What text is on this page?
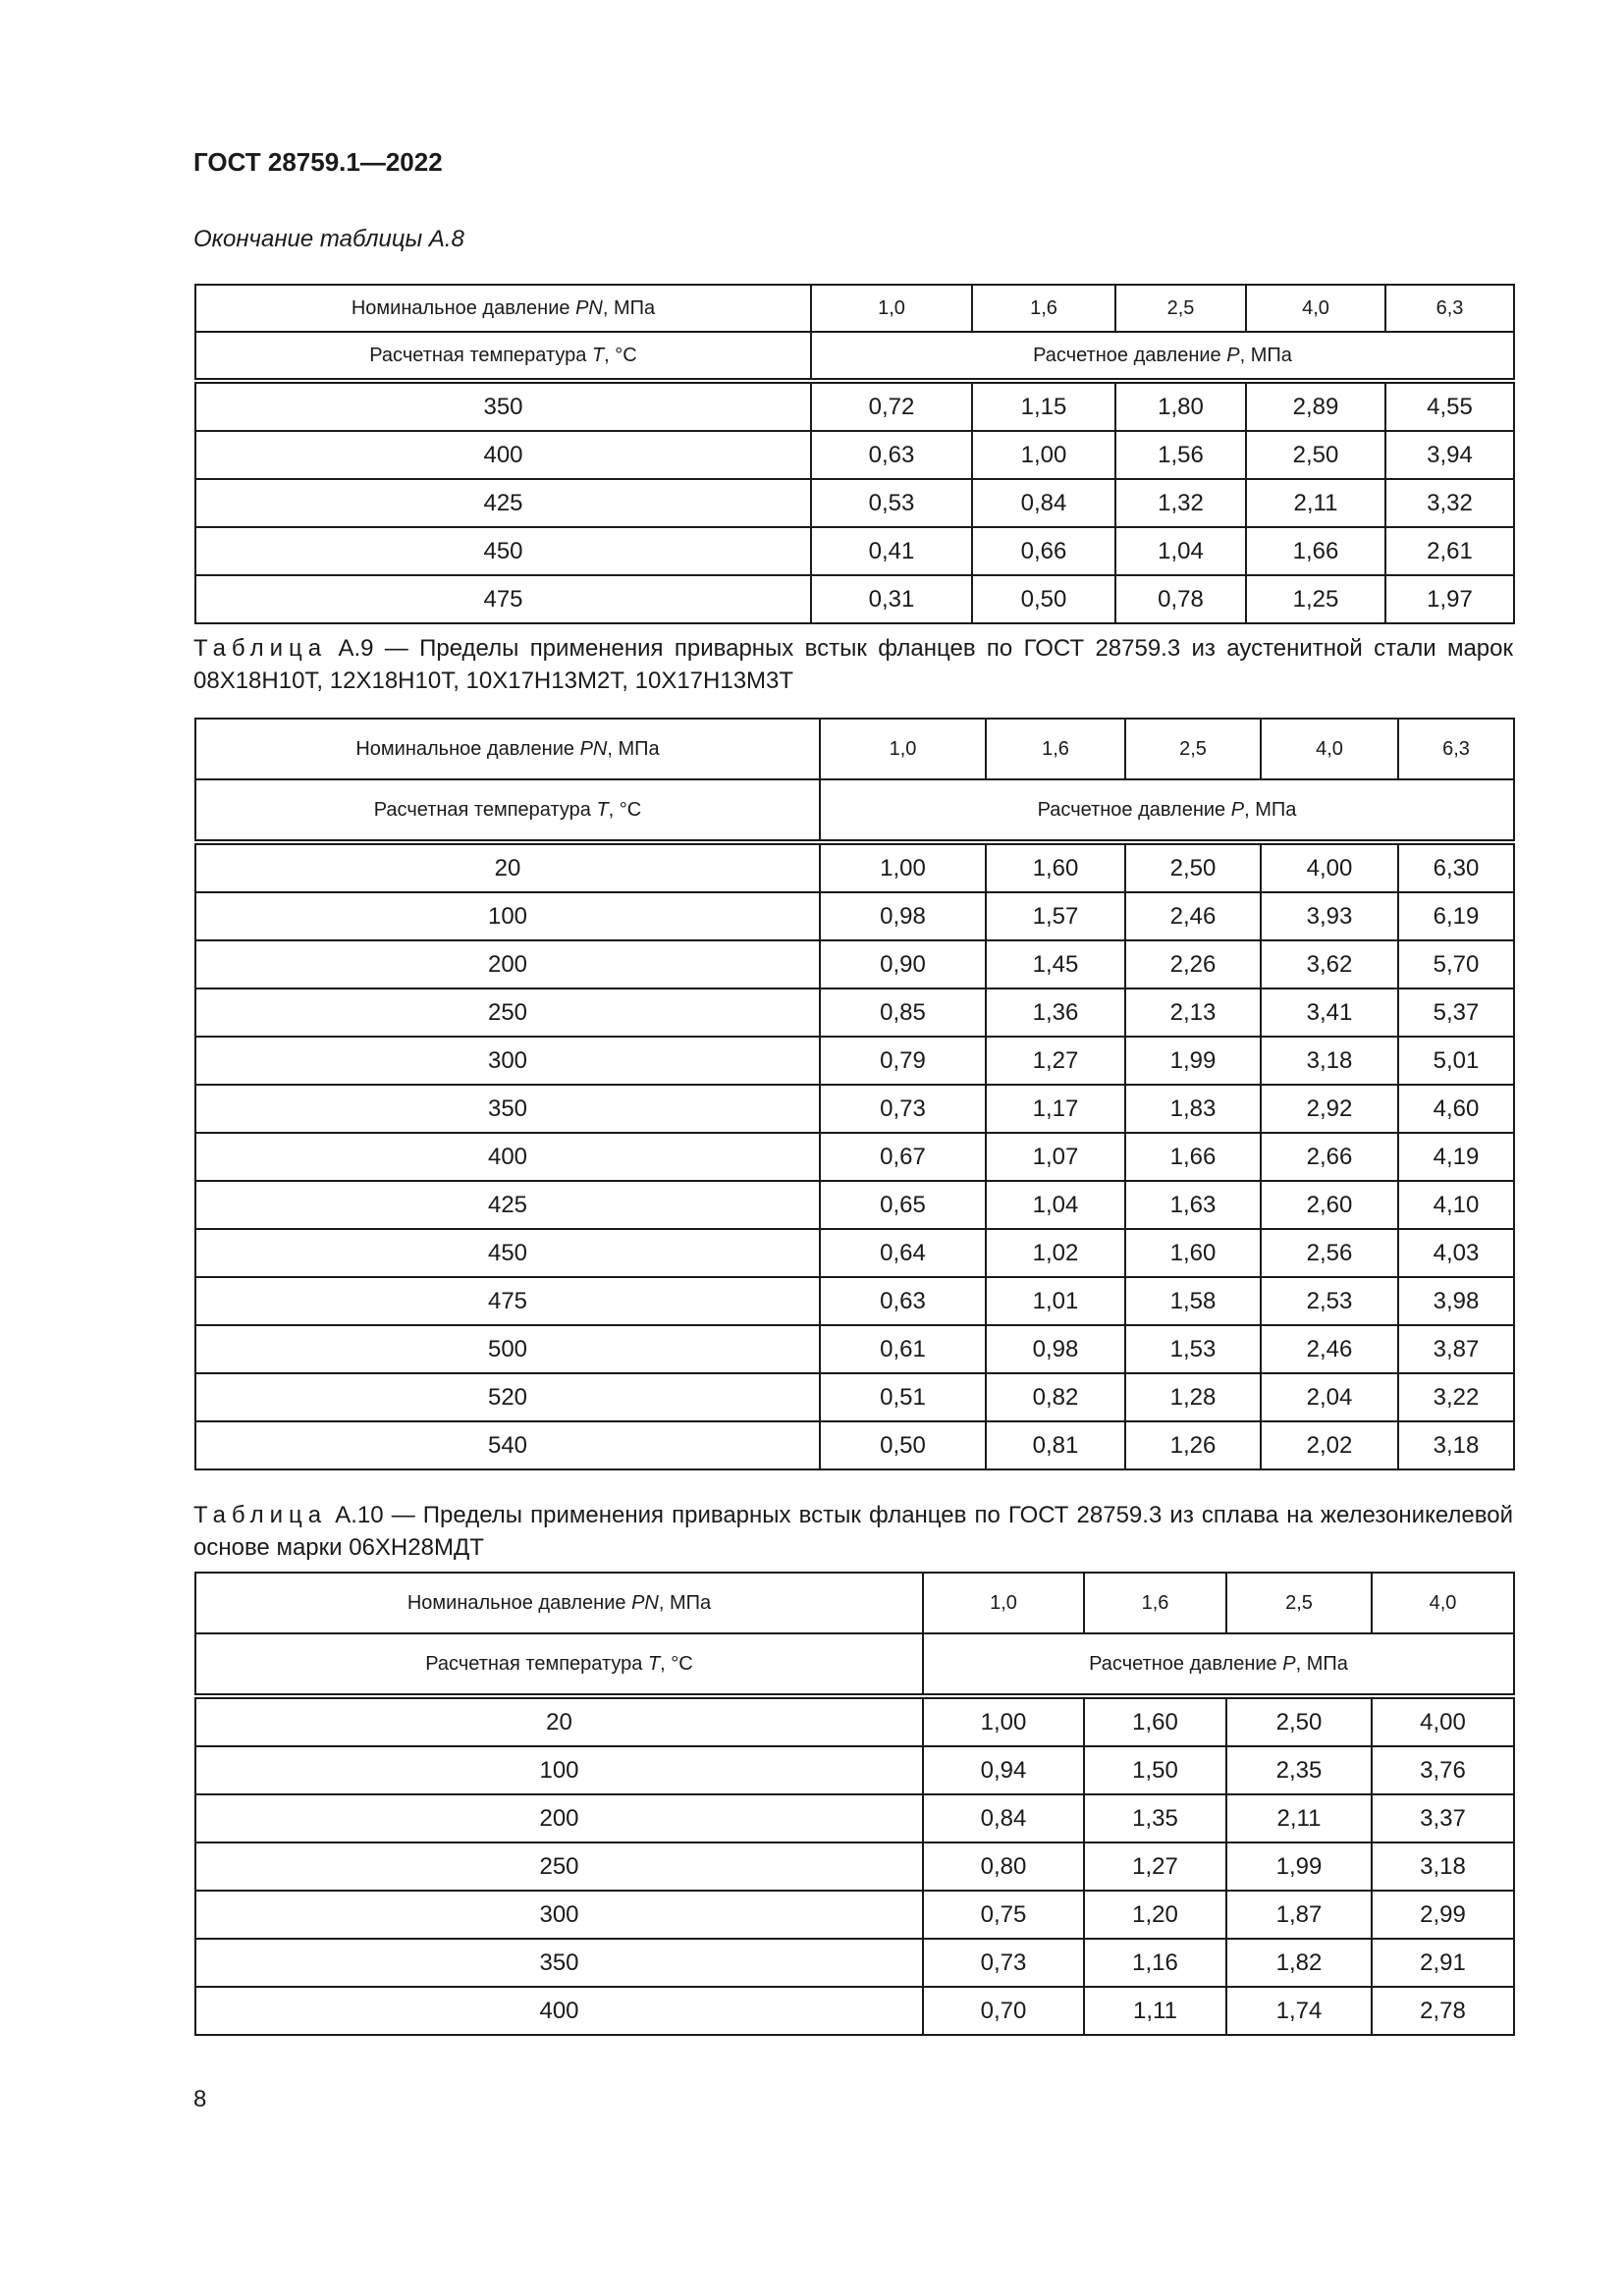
ГОСТ 28759.1—2022
Окончание таблицы А.8
Номинальное давление PN, МПа	1,0	1,6	2,5	4,0	6,3
Расчетная температура T, °С	Расчетное давление P, МПа				
350	0,72	1,15	1,80	2,89	4,55
400	0,63	1,00	1,56	2,50	3,94
425	0,53	0,84	1,32	2,11	3,32
450	0,41	0,66	1,04	1,66	2,61
475	0,31	0,50	0,78	1,25	1,97
Таблица А.9 — Пределы применения приварных встык фланцев по ГОСТ 28759.3 из аустенитной стали марок 08Х18Н10Т, 12Х18Н10Т, 10Х17Н13М2Т, 10Х17Н13М3Т
Номинальное давление PN, МПа	1,0	1,6	2,5	4,0	6,3
Расчетная температура T, °С	Расчетное давление P, МПа				
20	1,00	1,60	2,50	4,00	6,30
100	0,98	1,57	2,46	3,93	6,19
200	0,90	1,45	2,26	3,62	5,70
250	0,85	1,36	2,13	3,41	5,37
300	0,79	1,27	1,99	3,18	5,01
350	0,73	1,17	1,83	2,92	4,60
400	0,67	1,07	1,66	2,66	4,19
425	0,65	1,04	1,63	2,60	4,10
450	0,64	1,02	1,60	2,56	4,03
475	0,63	1,01	1,58	2,53	3,98
500	0,61	0,98	1,53	2,46	3,87
520	0,51	0,82	1,28	2,04	3,22
540	0,50	0,81	1,26	2,02	3,18
Таблица А.10 — Пределы применения приварных встык фланцев по ГОСТ 28759.3 из сплава на железоникелевой основе марки 06ХН28МДТ
Номинальное давление PN, МПа	1,0	1,6	2,5	4,0
Расчетная температура T, °С	Расчетное давление P, МПа			
20	1,00	1,60	2,50	4,00
100	0,94	1,50	2,35	3,76
200	0,84	1,35	2,11	3,37
250	0,80	1,27	1,99	3,18
300	0,75	1,20	1,87	2,99
350	0,73	1,16	1,82	2,91
400	0,70	1,11	1,74	2,78
8
